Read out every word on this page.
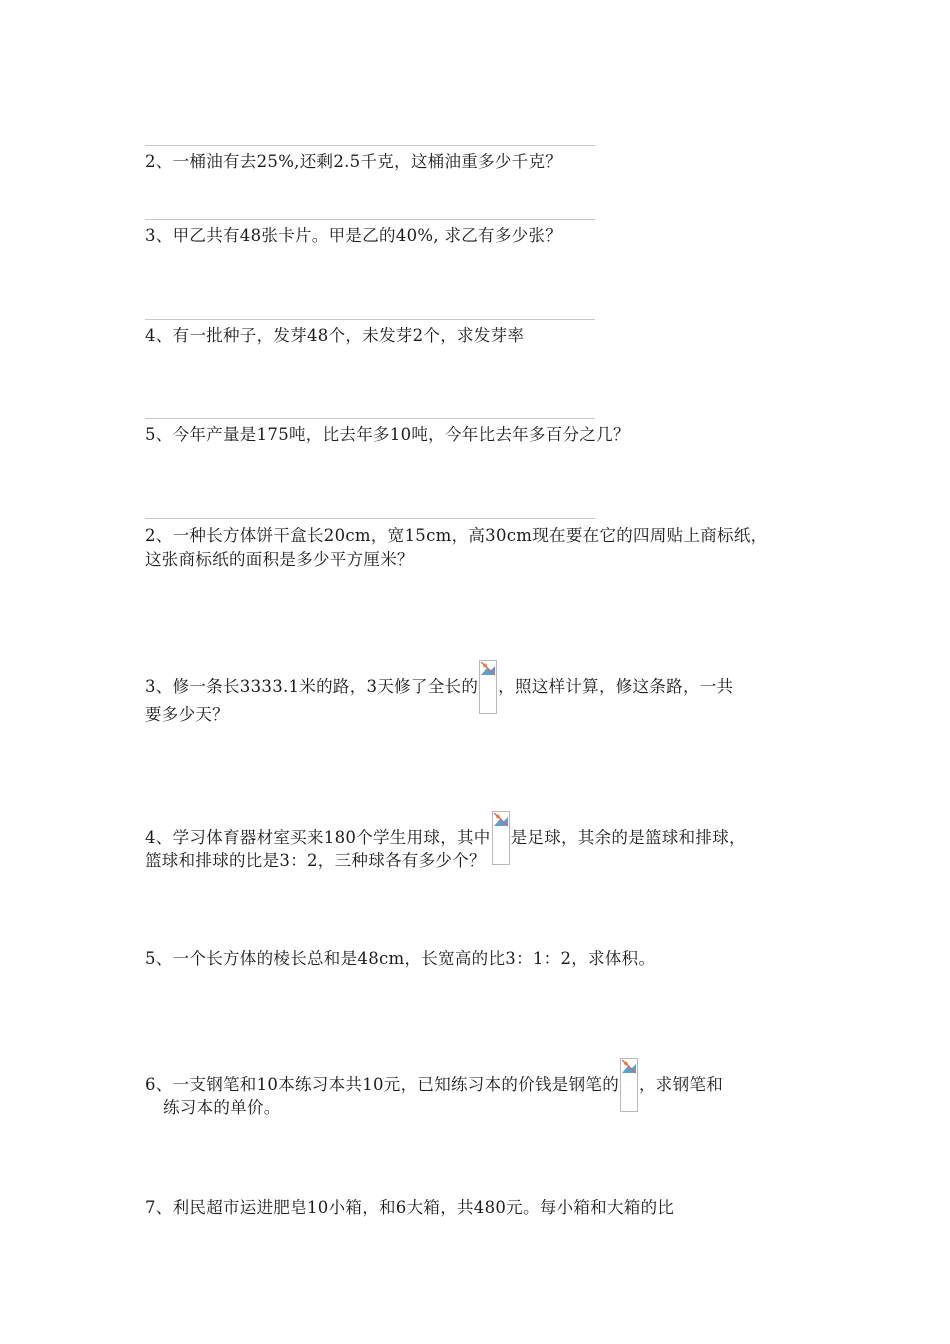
2、一桶油有去25%,还剩2.5千克，这桶油重多少千克？
3、甲乙共有48张卡片。甲是乙的40%, 求乙有多少张？
4、有一批种子，发芽48个，未发芽2个，求发芽率
5、今年产量是175吨，比去年多10吨，今年比去年多百分之几？
2、一种长方体饼干盒长20cm，宽15cm，高30cm现在要在它的四周贴上商标纸，
这张商标纸的面积是多少平方厘米？
3、修一条长3333.1米的路，3天修了全长的 ，照这样计算，修这条路，一共
要多少天？
4、学习体育器材室买来180个学生用球，其中 是足球，其余的是篮球和排球，
篮球和排球的比是3：2，三种球各有多少个？
5、一个长方体的棱长总和是48cm，长宽高的比3：1：2，求体积。
6、一支钢笔和10本练习本共10元，已知练习本的价钱是钢笔的 ，求钢笔和
练习本的单价。
7、利民超市运进肥皂10小箱，和6大箱，共480元。每小箱和大箱的比
